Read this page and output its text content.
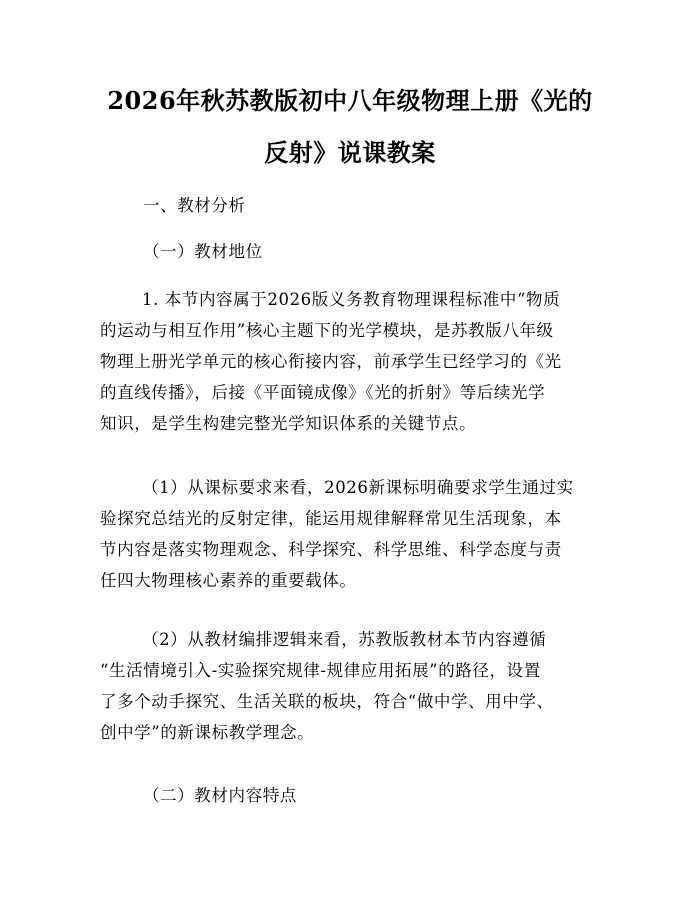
2026年秋苏教版初中八年级物理上册《光的
反射》说课教案
一、教材分析
（一）教材地位
1. 本节内容属于2026版义务教育物理课程标准中“物质
的运动与相互作用”核心主题下的光学模块，是苏教版八年级
物理上册光学单元的核心衔接内容，前承学生已经学习的《光
的直线传播》，后接《平面镜成像》《光的折射》等后续光学
知识，是学生构建完整光学知识体系的关键节点。
（1）从课标要求来看，2026新课标明确要求学生通过实
验探究总结光的反射定律，能运用规律解释常见生活现象，本
节内容是落实物理观念、科学探究、科学思维、科学态度与责
任四大物理核心素养的重要载体。
（2）从教材编排逻辑来看，苏教版教材本节内容遵循
“生活情境引入-实验探究规律-规律应用拓展”的路径，设置
了多个动手探究、生活关联的板块，符合“做中学、用中学、
创中学”的新课标教学理念。
（二）教材内容特点
